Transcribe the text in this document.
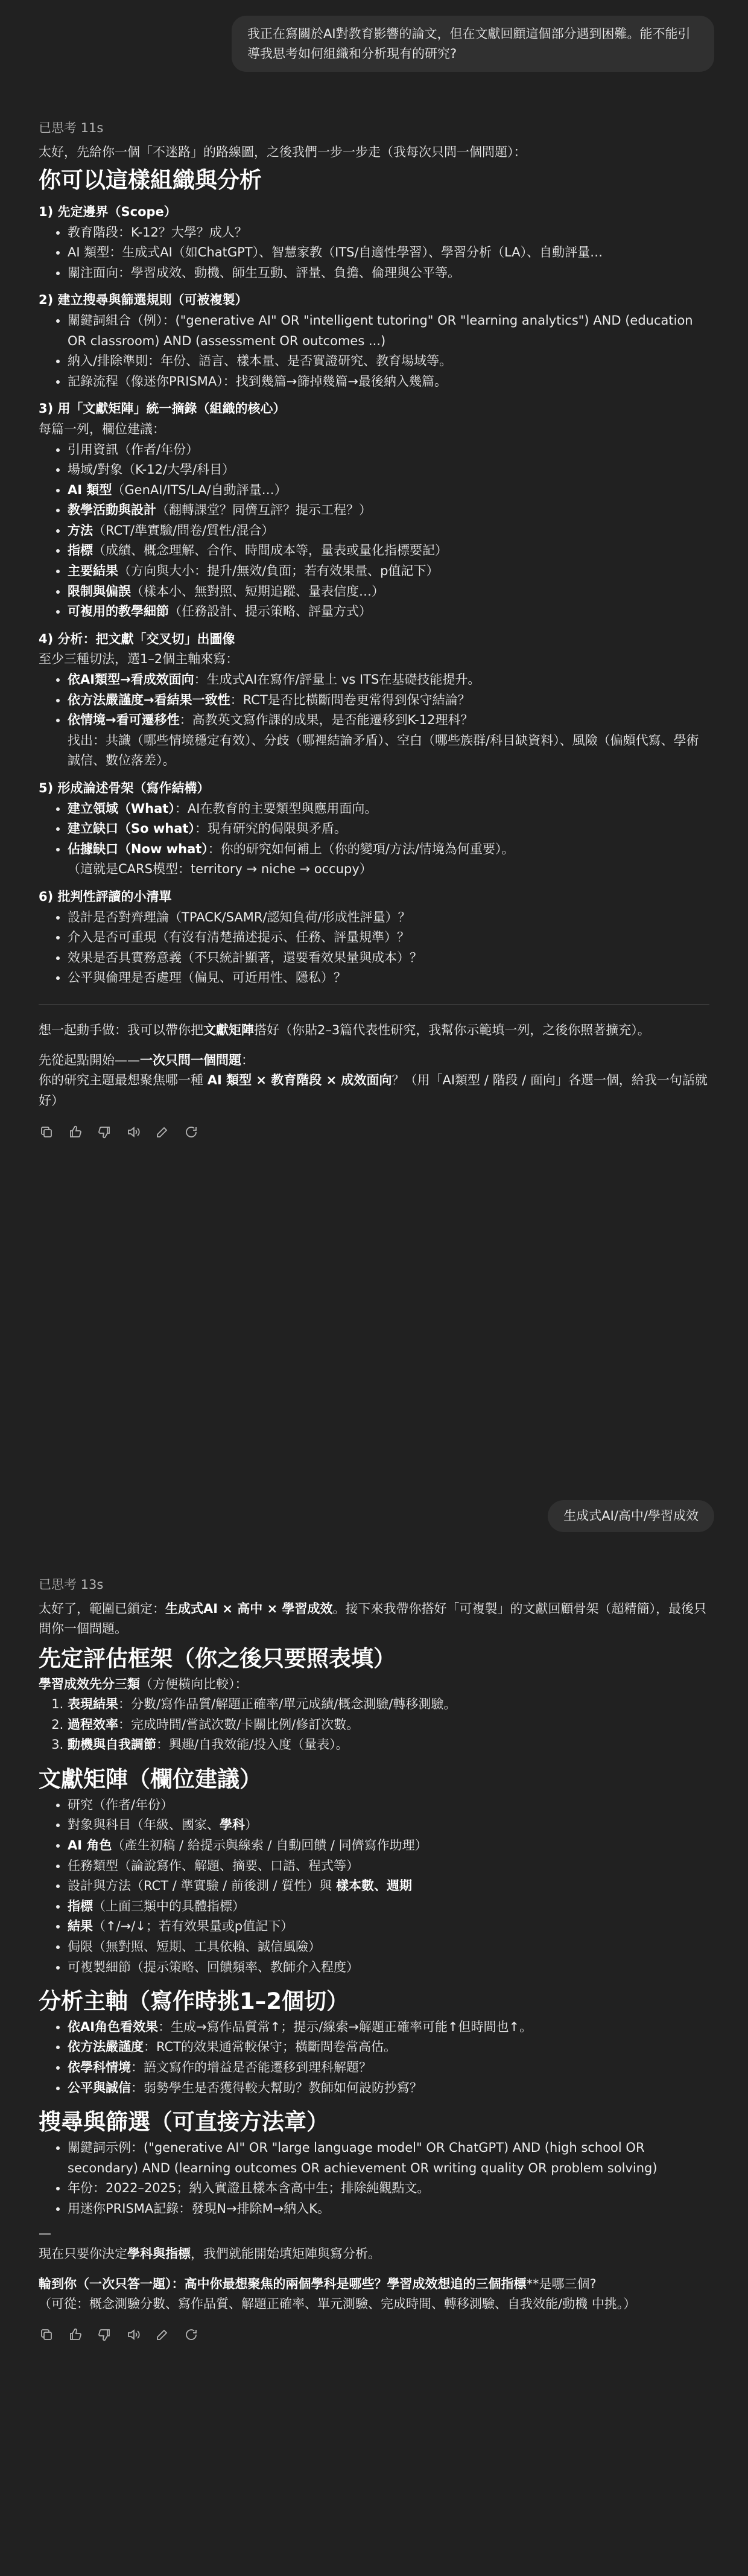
我正在寫關於AI對教育影響的論文，但在文獻回顧這個部分遇到困難。能不能引導我思考如何組織和分析現有的研究?
已思考 11s
太好，先給你一個「不迷路」的路線圖，之後我們一步一步走（我每次只問一個問題）：
你可以這樣組織與分析
1) 先定邊界（Scope）
• 教育階段：K-12？大學？成人？
• AI 類型：生成式AI（如ChatGPT）、智慧家教（ITS/自適性學習）、學習分析（LA）、自動評量…
• 關注面向：學習成效、動機、師生互動、評量、負擔、倫理與公平等。
2) 建立搜尋與篩選規則（可被複製）
• 關鍵詞組合（例）：("generative AI" OR "intelligent tutoring" OR "learning analytics") AND (education OR classroom) AND (assessment OR outcomes ...)
• 納入/排除準則：年份、語言、樣本量、是否實證研究、教育場域等。
• 記錄流程（像迷你PRISMA）：找到幾篇→篩掉幾篇→最後納入幾篇。
3) 用「文獻矩陣」統一摘錄（組織的核心）
每篇一列，欄位建議：
• 引用資訊（作者/年份）
• 場域/對象（K-12/大學/科目）
• AI 類型（GenAI/ITS/LA/自動評量…）
• 教學活動與設計（翻轉課堂？同儕互評？提示工程？）
• 方法（RCT/準實驗/問卷/質性/混合）
• 指標（成績、概念理解、合作、時間成本等，量表或量化指標要記）
• 主要結果（方向與大小：提升/無效/負面；若有效果量、p值記下）
• 限制與偏誤（樣本小、無對照、短期追蹤、量表信度…）
• 可複用的教學細節（任務設計、提示策略、評量方式）
4) 分析：把文獻「交叉切」出圖像
至少三種切法，選1–2個主軸來寫：
• 依AI類型→看成效面向：生成式AI在寫作/評量上 vs ITS在基礎技能提升。
• 依方法嚴謹度→看結果一致性：RCT是否比橫斷問卷更常得到保守結論？
• 依情境→看可遷移性：高教英文寫作課的成果，是否能遷移到K-12理科？
找出：共識（哪些情境穩定有效）、分歧（哪裡結論矛盾）、空白（哪些族群/科目缺資料）、風險（偏頗代寫、學術誠信、數位落差）。
5) 形成論述骨架（寫作結構）
• 建立領域（What）：AI在教育的主要類型與應用面向。
• 建立缺口（So what）：現有研究的侷限與矛盾。
• 佔據缺口（Now what）：你的研究如何補上（你的變項/方法/情境為何重要）。
（這就是CARS模型：territory → niche → occupy）
6) 批判性評讀的小清單
• 設計是否對齊理論（TPACK/SAMR/認知負荷/形成性評量）？
• 介入是否可重現（有沒有清楚描述提示、任務、評量規準）？
• 效果是否具實務意義（不只統計顯著，還要看效果量與成本）？
• 公平與倫理是否處理（偏見、可近用性、隱私）？
想一起動手做：我可以帶你把文獻矩陣搭好（你貼2–3篇代表性研究，我幫你示範填一列，之後你照著擴充）。
先從起點開始——一次只問一個問題：
你的研究主題最想聚焦哪一種 AI 類型 × 教育階段 × 成效面向？（用「AI類型 / 階段 / 面向」各選一個，給我一句話就好）
生成式AI/高中/學習成效
已思考 13s
太好了，範圍已鎖定：生成式AI × 高中 × 學習成效。接下來我帶你搭好「可複製」的文獻回顧骨架（超精簡），最後只問你一個問題。
先定評估框架（你之後只要照表填）
學習成效先分三類（方便橫向比較）：
1. 表現結果：分數/寫作品質/解題正確率/單元成績/概念測驗/轉移測驗。
2. 過程效率：完成時間/嘗試次數/卡關比例/修訂次數。
3. 動機與自我調節：興趣/自我效能/投入度（量表）。
文獻矩陣（欄位建議）
• 研究（作者/年份）
• 對象與科目（年級、國家、學科）
• AI 角色（產生初稿 / 給提示與線索 / 自動回饋 / 同儕寫作助理）
• 任務類型（論說寫作、解題、摘要、口語、程式等）
• 設計與方法（RCT / 準實驗 / 前後測 / 質性）與 樣本數、週期
• 指標（上面三類中的具體指標）
• 結果（↑/→/↓；若有效果量或p值記下）
• 侷限（無對照、短期、工具依賴、誠信風險）
• 可複製細節（提示策略、回饋頻率、教師介入程度）
分析主軸（寫作時挑1–2個切）
• 依AI角色看效果：生成→寫作品質常↑；提示/線索→解題正確率可能↑但時間也↑。
• 依方法嚴謹度：RCT的效果通常較保守；橫斷問卷常高估。
• 依學科情境：語文寫作的增益是否能遷移到理科解題？
• 公平與誠信：弱勢學生是否獲得較大幫助？教師如何設防抄寫？
搜尋與篩選（可直接方法章）
• 關鍵詞示例：("generative AI" OR "large language model" OR ChatGPT) AND (high school OR secondary) AND (learning outcomes OR achievement OR writing quality OR problem solving)
• 年份：2022–2025；納入實證且樣本含高中生；排除純觀點文。
• 用迷你PRISMA記錄：發現N→排除M→納入K。
—
現在只要你決定學科與指標，我們就能開始填矩陣與寫分析。
輪到你（一次只答一題）：高中你最想聚焦的兩個學科是哪些？學習成效想追的三個指標**是哪三個?
（可從：概念測驗分數、寫作品質、解題正確率、單元測驗、完成時間、轉移測驗、自我效能/動機 中挑。）
